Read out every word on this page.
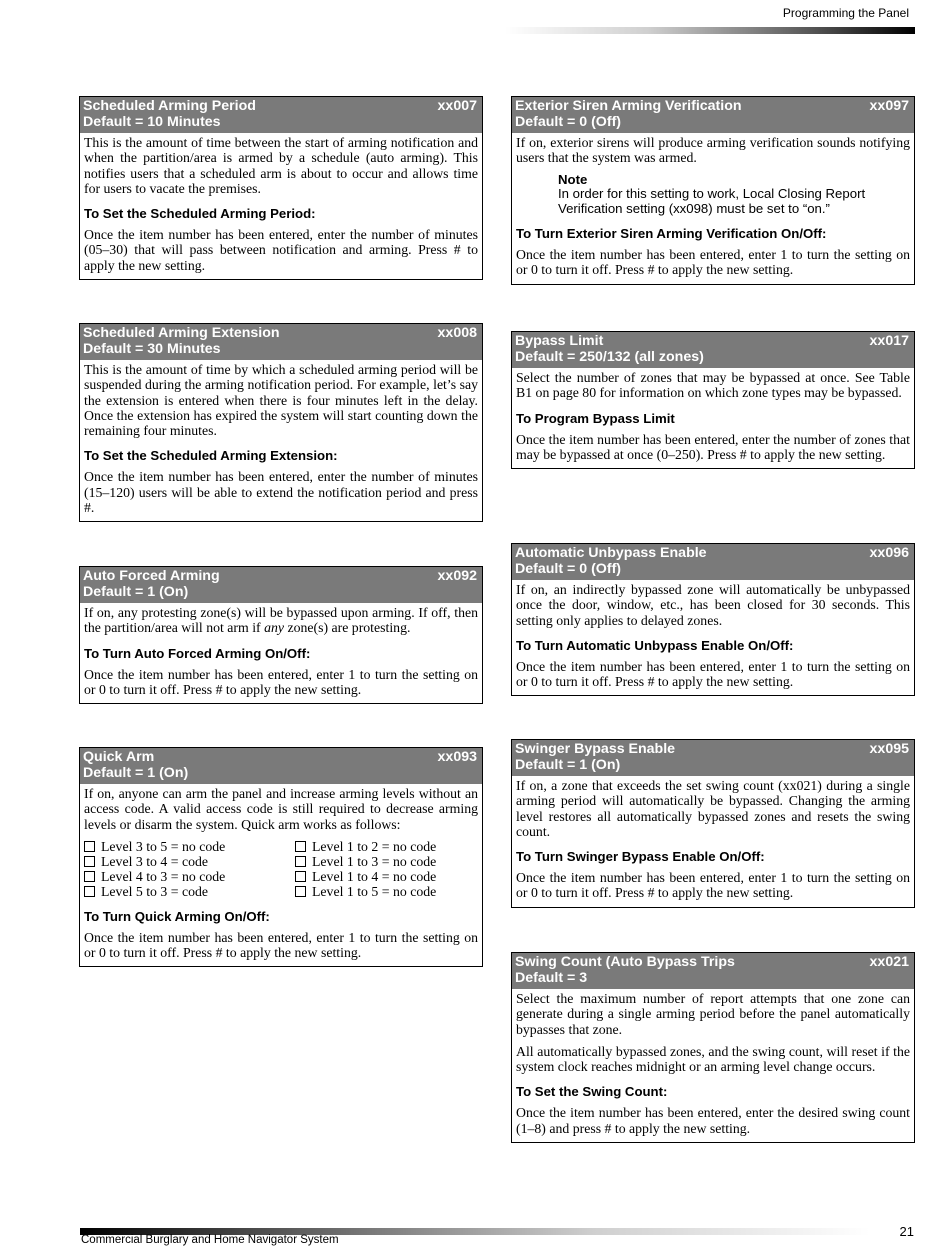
Programming the Panel
Scheduled Arming Period	xx007
Default = 10 Minutes

This is the amount of time between the start of arming notification and when the partition/area is armed by a schedule (auto arming). This notifies users that a scheduled arm is about to occur and allows time for users to vacate the premises.

To Set the Scheduled Arming Period:

Once the item number has been entered, enter the number of minutes (05–30) that will pass between notification and arming. Press # to apply the new setting.

Scheduled Arming Extension	xx008
Default = 30 Minutes

This is the amount of time by which a scheduled arming period will be suspended during the arming notification period. For example, let’s say the extension is entered when there is four minutes left in the delay. Once the extension has expired the system will start counting down the remaining four minutes.

To Set the Scheduled Arming Extension:

Once the item number has been entered, enter the number of minutes (15–120) users will be able to extend the notification period and press #.

Auto Forced Arming	xx092
Default = 1 (On)

If on, any protesting zone(s) will be bypassed upon arming. If off, then the partition/area will not arm if any zone(s) are protesting.

To Turn Auto Forced Arming On/Off:

Once the item number has been entered, enter 1 to turn the setting on or 0 to turn it off. Press # to apply the new setting.

Quick Arm	xx093
Default = 1 (On)

If on, anyone can arm the panel and increase arming levels without an access code. A valid access code is still required to decrease arming levels or disarm the system. Quick arm works as follows:

Level 3 to 5 = no code	Level 1 to 2 = no code
Level 3 to 4 = code	Level 1 to 3 = no code
Level 4 to 3 = no code	Level 1 to 4 = no code
Level 5 to 3 = code	Level 1 to 5 = no code
To Turn Quick Arming On/Off:

Once the item number has been entered, enter 1 to turn the setting on or 0 to turn it off. Press # to apply the new setting.

Exterior Siren Arming Verification	xx097
Default = 0 (Off)

If on, exterior sirens will produce arming verification sounds notifying users that the system was armed.

Note
In order for this setting to work, Local Closing Report Verification setting (xx098) must be set to “on.”
To Turn Exterior Siren Arming Verification On/Off:

Once the item number has been entered, enter 1 to turn the setting on or 0 to turn it off. Press # to apply the new setting.

Bypass Limit	xx017
Default = 250/132 (all zones)

Select the number of zones that may be bypassed at once. See Table B1 on page 80 for information on which zone types may be bypassed.

To Program Bypass Limit

Once the item number has been entered, enter the number of zones that may be bypassed at once (0–250). Press # to apply the new setting.

Automatic Unbypass Enable	xx096
Default = 0 (Off)

If on, an indirectly bypassed zone will automatically be unbypassed once the door, window, etc., has been closed for 30 seconds. This setting only applies to delayed zones.

To Turn Automatic Unbypass Enable On/Off:

Once the item number has been entered, enter 1 to turn the setting on or 0 to turn it off. Press # to apply the new setting.

Swinger Bypass Enable	xx095
Default = 1 (On)

If on, a zone that exceeds the set swing count (xx021) during a single arming period will automatically be bypassed. Changing the arming level restores all automatically bypassed zones and resets the swing count.

To Turn Swinger Bypass Enable On/Off:

Once the item number has been entered, enter 1 to turn the setting on or 0 to turn it off. Press # to apply the new setting.

Swing Count (Auto Bypass Trips	xx021
Default = 3

Select the maximum number of report attempts that one zone can generate during a single arming period before the panel automatically bypasses that zone.

All automatically bypassed zones, and the swing count, will reset if the system clock reaches midnight or an arming level change occurs.

To Set the Swing Count:

Once the item number has been entered, enter the desired swing count (1–8) and press # to apply the new setting.

21
Commercial Burglary and Home Navigator System
